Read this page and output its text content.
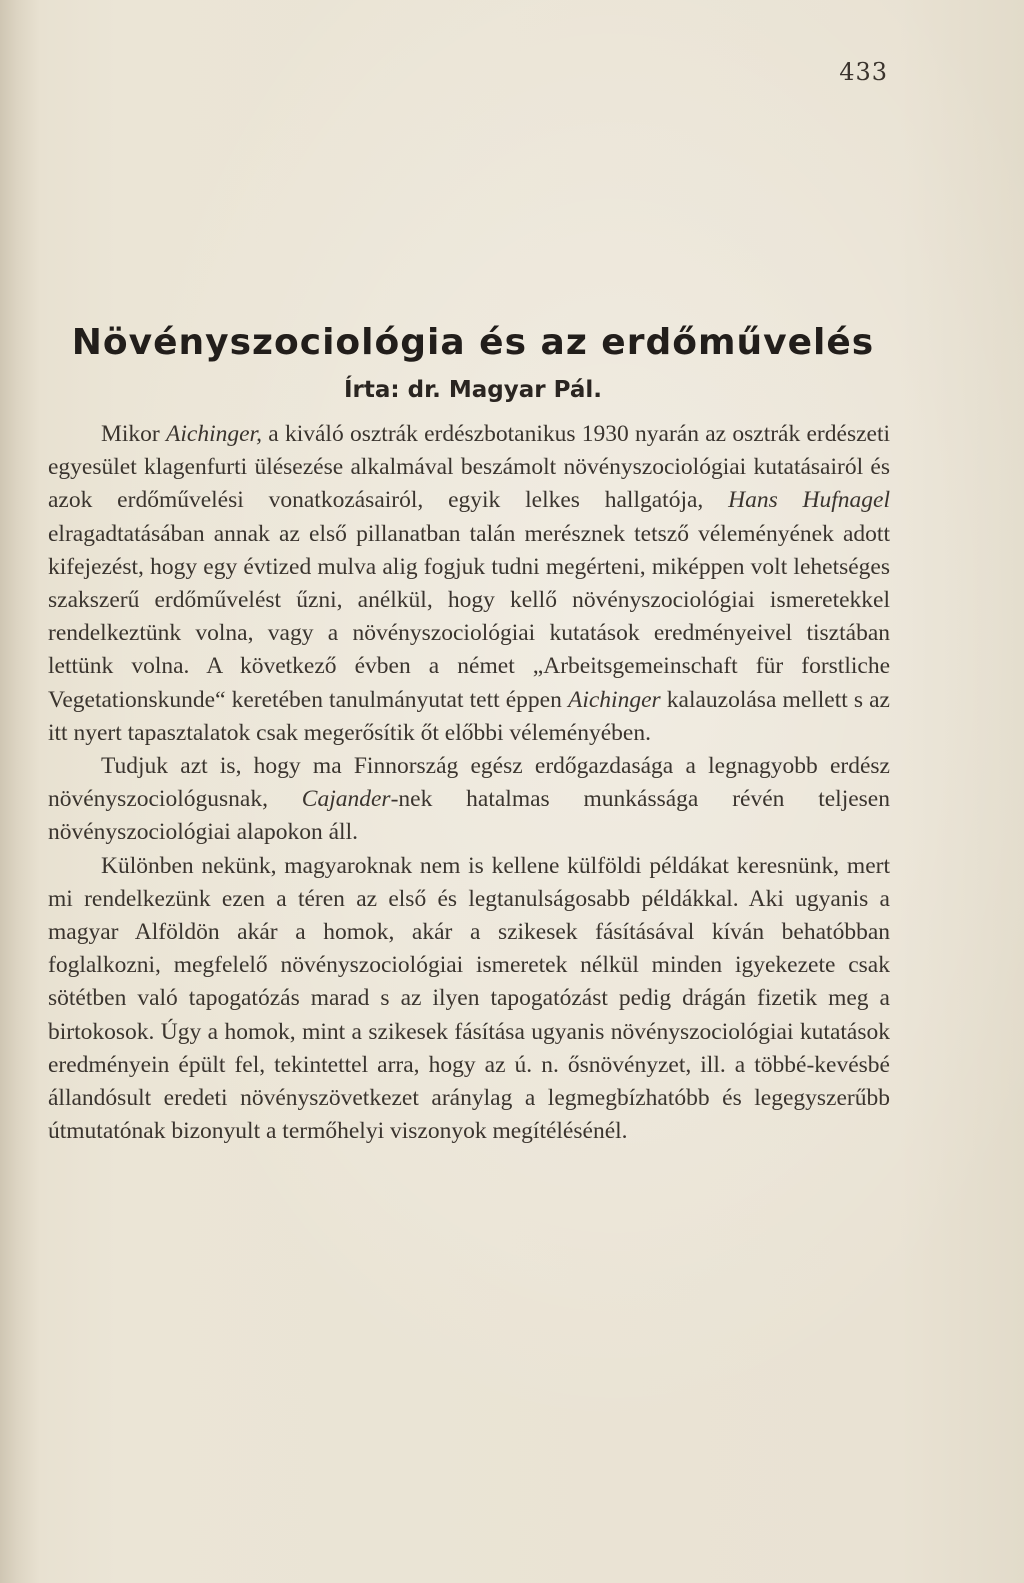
433
Növényszociológia és az erdőművelés
Írta: dr. Magyar Pál.

Mikor Aichinger, a kiváló osztrák erdészbotanikus 1930 nyarán az osztrák erdészeti egyesület klagenfurti ülésezése alkalmával beszámolt növényszociológiai kutatásairól és azok erdőművelési vonatkozásairól, egyik lelkes hallgatója, Hans Hufnagel elragadtatásában annak az első pillanatban talán merésznek tetsző véleményének adott kifejezést, hogy egy évtized mulva alig fogjuk tudni megérteni, miképpen volt lehetséges szakszerű erdőművelést űzni, anélkül, hogy kellő növényszociológiai ismeretekkel rendelkeztünk volna, vagy a növényszociológiai kutatások eredményeivel tisztában lettünk volna. A következő évben a német „Arbeitsgemeinschaft für forstliche Vegetationskunde“ keretében tanulmányutat tett éppen Aichinger kalauzolása mellett s az itt nyert tapasztalatok csak megerősítik őt előbbi véleményében.

Tudjuk azt is, hogy ma Finnország egész erdőgazdasága a legnagyobb erdész növényszociológusnak, Cajander-nek hatalmas munkássága révén teljesen növényszociológiai alapokon áll.

Különben nekünk, magyaroknak nem is kellene külföldi példákat keresnünk, mert mi rendelkezünk ezen a téren az első és legtanulságosabb példákkal. Aki ugyanis a magyar Alföldön akár a homok, akár a szikesek fásításával kíván behatóbban foglalkozni, megfelelő növényszociológiai ismeretek nélkül minden igyekezete csak sötétben való tapogatózás marad s az ilyen tapogatózást pedig drágán fizetik meg a birtokosok. Úgy a homok, mint a szikesek fásítása ugyanis növényszociológiai kutatások eredményein épült fel, tekintettel arra, hogy az ú. n. ősnövényzet, ill. a többé-kevésbé állandósult eredeti növényszövetkezet aránylag a legmegbízhatóbb és legegyszerűbb útmutatónak bizonyult a termőhelyi viszonyok megítélésénél.
